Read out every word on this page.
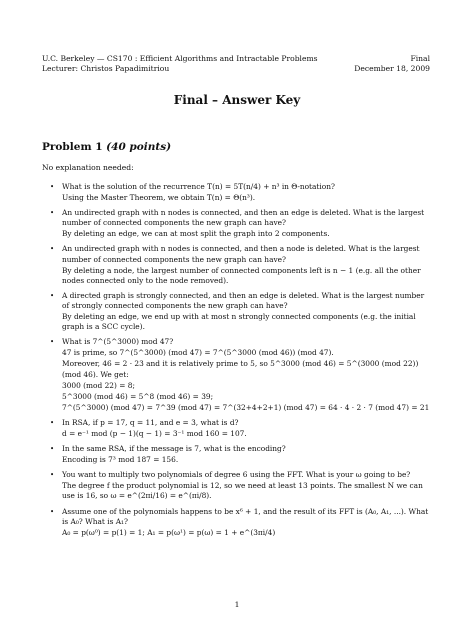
U.C. Berkeley — CS170 : Efficient Algorithms and Intractable Problems
Lecturer: Christos Papadimitriou
Final
December 18, 2009
Final – Answer Key
Problem 1 (40 points)
No explanation needed:
• What is the solution of the recurrence T(n) = 5T(n/4) + n³ in Θ-notation?
Using the Master Theorem, we obtain T(n) = Θ(n³).
• An undirected graph with n nodes is connected, and then an edge is deleted. What is the largest number of connected components the new graph can have?
By deleting an edge, we can at most split the graph into 2 components.
• An undirected graph with n nodes is connected, and then a node is deleted. What is the largest number of connected components the new graph can have?
By deleting a node, the largest number of connected components left is n − 1 (e.g. all the other nodes connected only to the node removed).
• A directed graph is strongly connected, and then an edge is deleted. What is the largest number of strongly connected components the new graph can have?
By deleting an edge, we end up with at most n strongly connected components (e.g. the initial graph is a SCC cycle).
• What is 7^(5^3000) mod 47?
47 is prime, so 7^(5^3000) (mod 47) = 7^(5^3000 (mod 46)) (mod 47).
Moreover, 46 = 2 · 23 and it is relatively prime to 5, so 5^3000 (mod 46) = 5^(3000 (mod 22)) (mod 46). We get:
3000 (mod 22) = 8;
5^3000 (mod 46) = 5^8 (mod 46) = 39;
7^(5^3000) (mod 47) = 7^39 (mod 47) = 7^(32+4+2+1) (mod 47) = 64 · 4 · 2 · 7 (mod 47) = 21
• In RSA, if p = 17, q = 11, and e = 3, what is d?
d = e⁻¹ mod (p − 1)(q − 1) = 3⁻¹ mod 160 = 107.
• In the same RSA, if the message is 7, what is the encoding?
Encoding is 7³ mod 187 = 156.
• You want to multiply two polynomials of degree 6 using the FFT. What is your ω going to be?
The degree f the product polynomial is 12, so we need at least 13 points. The smallest N we can use is 16, so ω = e^(2πi/16) = e^(πi/8).
• Assume one of the polynomials happens to be x⁶ + 1, and the result of its FFT is (A₀, A₁, ...). What is A₀? What is A₁?
A₀ = p(ω⁰) = p(1) = 1; A₁ = p(ω¹) = p(ω) = 1 + e^(3πi/4)
1
